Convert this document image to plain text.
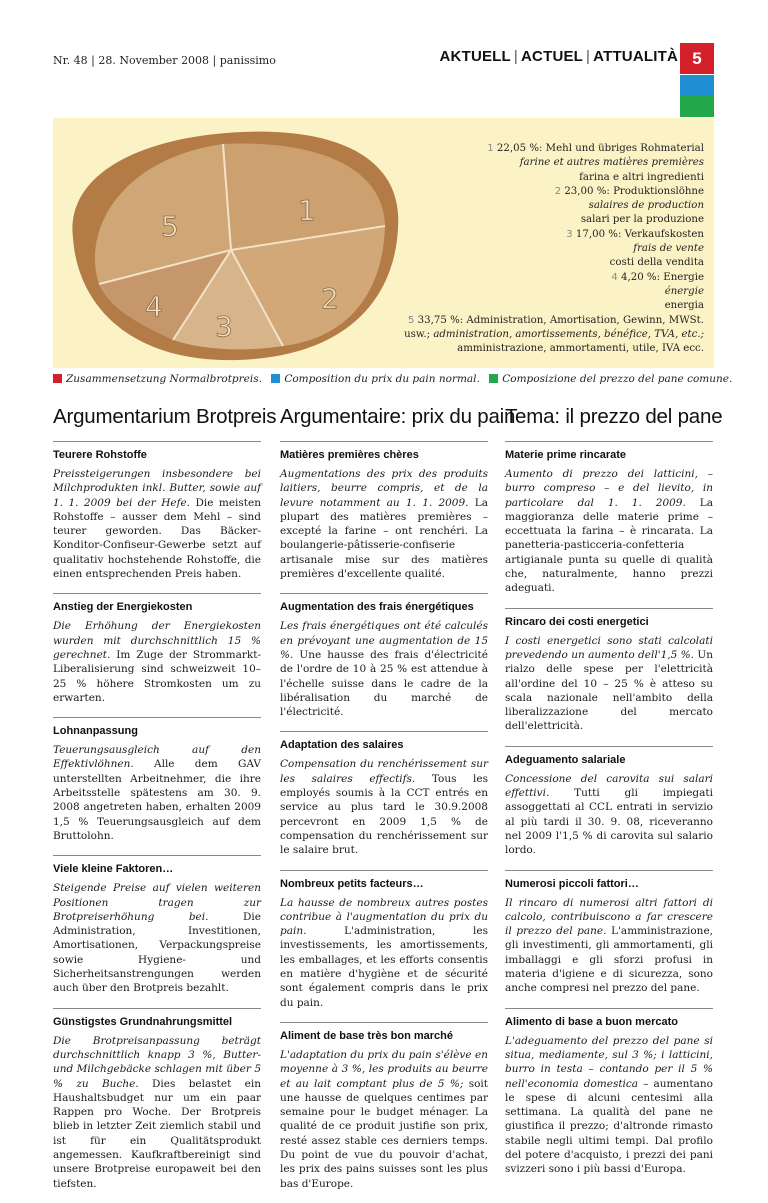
Nr. 48 | 28. November 2008 | panissimo	AKTUELL | ACTUEL | ATTUALITÀ 5
1
2
3
4
5
1 22,05 %: Mehl und übriges Rohmaterial
farine et autres matières premières
farina e altri ingredienti
2 23,00 %: Produktionslöhne
salaires de production
salari per la produzione
3 17,00 %: Verkaufskosten
frais de vente
costi della vendita
4 4,20 %: Energie
énergie
energia
5 33,75 %: Administration, Amortisation, Gewinn, MWSt. usw.; administration, amortissements, bénéfice, TVA, etc.; amministrazione, ammortamenti, utile, IVA ecc.
Zusammensetzung Normalbrotpreis. Composition du prix du pain normal. Composizione del prezzo del pane comune.
Argumentarium Brotpreis
Teurere Rohstoffe

Preissteigerungen insbesondere bei Milchprodukten inkl. Butter, sowie auf 1. 1. 2009 bei der Hefe. Die meisten Rohstoffe – ausser dem Mehl – sind teurer geworden. Das Bäcker-Konditor-Confiseur-Gewerbe setzt auf qualitativ hochstehende Rohstoffe, die einen entsprechenden Preis haben.

Anstieg der Energiekosten

Die Erhöhung der Energiekosten wurden mit durchschnittlich 15 % gerechnet. Im Zuge der Strommarkt-Liberalisierung sind schweizweit 10–25 % höhere Stromkosten um zu erwarten.

Lohnanpassung

Teuerungsausgleich auf den Effektivlöhnen. Alle dem GAV unterstellten Arbeitnehmer, die ihre Arbeitsstelle spätestens am 30. 9. 2008 angetreten haben, erhalten 2009 1,5 % Teuerungsausgleich auf dem Bruttolohn.

Viele kleine Faktoren…

Steigende Preise auf vielen weiteren Positionen tragen zur Brotpreiserhöhung bei. Die Administration, Investitionen, Amortisationen, Verpackungspreise sowie Hygiene- und Sicherheitsanstrengungen werden auch über den Brotpreis bezahlt.

Günstigstes Grundnahrungsmittel

Die Brotpreisanpassung beträgt durchschnittlich knapp 3 %, Butter- und Milchgebäcke schlagen mit über 5 % zu Buche. Dies belastet ein Haushaltsbudget nur um ein paar Rappen pro Woche. Der Brotpreis blieb in letzter Zeit ziemlich stabil und ist für ein Qualitätsprodukt angemessen. Kaufkraftbereinigt sind unsere Brotpreise europaweit bei den tiefsten.

Argumentaire: prix du pain
Matières premières chères

Augmentations des prix des produits laitiers, beurre compris, et de la levure notamment au 1. 1. 2009. La plupart des matières premières – excepté la farine – ont renchéri. La boulangerie-pâtisserie-confiserie artisanale mise sur des matières premières d'excellente qualité.

Augmentation des frais énergétiques

Les frais énergétiques ont été calculés en prévoyant une augmentation de 15 %. Une hausse des frais d'électricité de l'ordre de 10 à 25 % est attendue à l'échelle suisse dans le cadre de la libéralisation du marché de l'électricité.

Adaptation des salaires

Compensation du renchérissement sur les salaires effectifs. Tous les employés soumis à la CCT entrés en service au plus tard le 30.9.2008 percevront en 2009 1,5 % de compensation du renchérissement sur le salaire brut.

Nombreux petits facteurs…

La hausse de nombreux autres postes contribue à l'augmentation du prix du pain. L'administration, les investissements, les amortissements, les emballages, et les efforts consentis en matière d'hygiène et de sécurité sont également compris dans le prix du pain.

Aliment de base très bon marché

L'adaptation du prix du pain s'élève en moyenne à 3 %, les produits au beurre et au lait comptant plus de 5 %; soit une hausse de quelques centimes par semaine pour le budget ménager. La qualité de ce produit justifie son prix, resté assez stable ces derniers temps. Du point de vue du pouvoir d'achat, les prix des pains suisses sont les plus bas d'Europe.

Tema: il prezzo del pane
Materie prime rincarate

Aumento di prezzo dei latticini, – burro compreso – e del lievito, in particolare dal 1. 1. 2009. La maggioranza delle materie prime – eccettuata la farina – è rincarata. La panetteria-pasticceria-confetteria artigianale punta su quelle di qualità che, naturalmente, hanno prezzi adeguati.

Rincaro dei costi energetici

I costi energetici sono stati calcolati prevedendo un aumento dell'1,5 %. Un rialzo delle spese per l'elettricità all'ordine del 10 – 25 % è atteso su scala nazionale nell'ambito della liberalizzazione del mercato dell'elettricità.

Adeguamento salariale

Concessione del carovita sui salari effettivi. Tutti gli impiegati assoggettati al CCL entrati in servizio al più tardi il 30. 9. 08, riceveranno nel 2009 l'1,5 % di carovita sul salario lordo.

Numerosi piccoli fattori…

Il rincaro di numerosi altri fattori di calcolo, contribuiscono a far crescere il prezzo del pane. L'amministrazione, gli investimenti, gli ammortamenti, gli imballaggi e gli sforzi profusi in materia d'igiene e di sicurezza, sono anche compresi nel prezzo del pane.

Alimento di base a buon mercato

L'adeguamento del prezzo del pane si situa, mediamente, sul 3 %; i latticini, burro in testa – contando per il 5 % nell'economia domestica – aumentano le spese di alcuni centesimi alla settimana. La qualità del pane ne giustifica il prezzo; d'altronde rimasto stabile negli ultimi tempi. Dal profilo del potere d'acquisto, i prezzi dei pani svizzeri sono i più bassi d'Europa.
